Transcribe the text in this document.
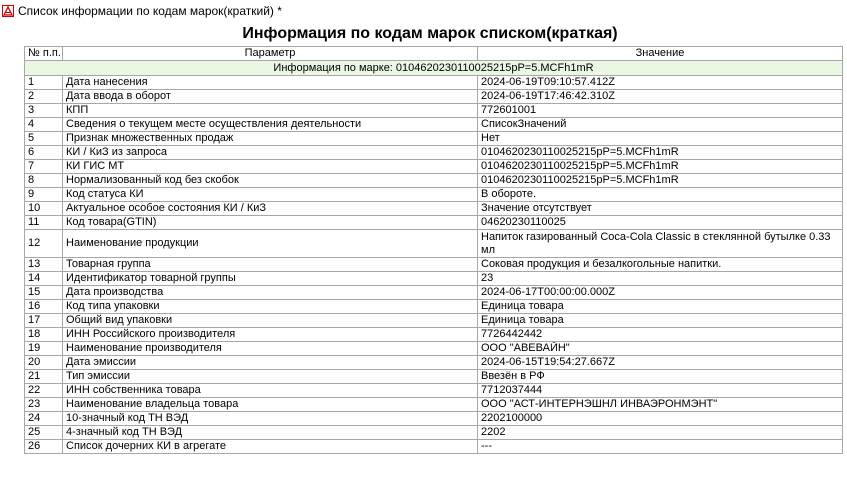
Список информации по кодам марок(краткий) *
Информация по кодам марок списком(краткая)
№ п.п.	Параметр	Значение
Информация по марке: 0104620230110025215pP=5.MCFh1mR		
1	Дата нанесения	2024-06-19T09:10:57.412Z
2	Дата ввода в оборот	2024-06-19T17:46:42.310Z
3	КПП	772601001
4	Сведения о текущем месте осуществления деятельности	СписокЗначений
5	Признак множественных продаж	Нет
6	КИ / КиЗ из запроса	0104620230110025215pP=5.MCFh1mR
7	КИ ГИС МТ	0104620230110025215pP=5.MCFh1mR
8	Нормализованный код без скобок	0104620230110025215pP=5.MCFh1mR
9	Код статуса КИ	В обороте.
10	Актуальное особое состояния КИ / КиЗ	Значение отсутствует
11	Код товара(GTIN)	04620230110025
12	Наименование продукции	Напиток газированный Coca-Cola Classic в стеклянной бутылке 0.33 мл
13	Товарная группа	Соковая продукция и безалкогольные напитки.
14	Идентификатор товарной группы	23
15	Дата производства	2024-06-17T00:00:00.000Z
16	Код типа упаковки	Единица товара
17	Общий вид упаковки	Единица товара
18	ИНН Российского производителя	7726442442
19	Наименование производителя	ООО "АВЕВАЙН"
20	Дата эмиссии	2024-06-15T19:54:27.667Z
21	Тип эмиссии	Ввезён в РФ
22	ИНН собственника товара	7712037444
23	Наименование владельца товара	ООО "АСТ-ИНТЕРНЭШНЛ ИНВАЭРОНМЭНТ"
24	10-значный код ТН ВЭД	2202100000
25	4-значный код ТН ВЭД	2202
26	Список дочерних КИ в агрегате	---
